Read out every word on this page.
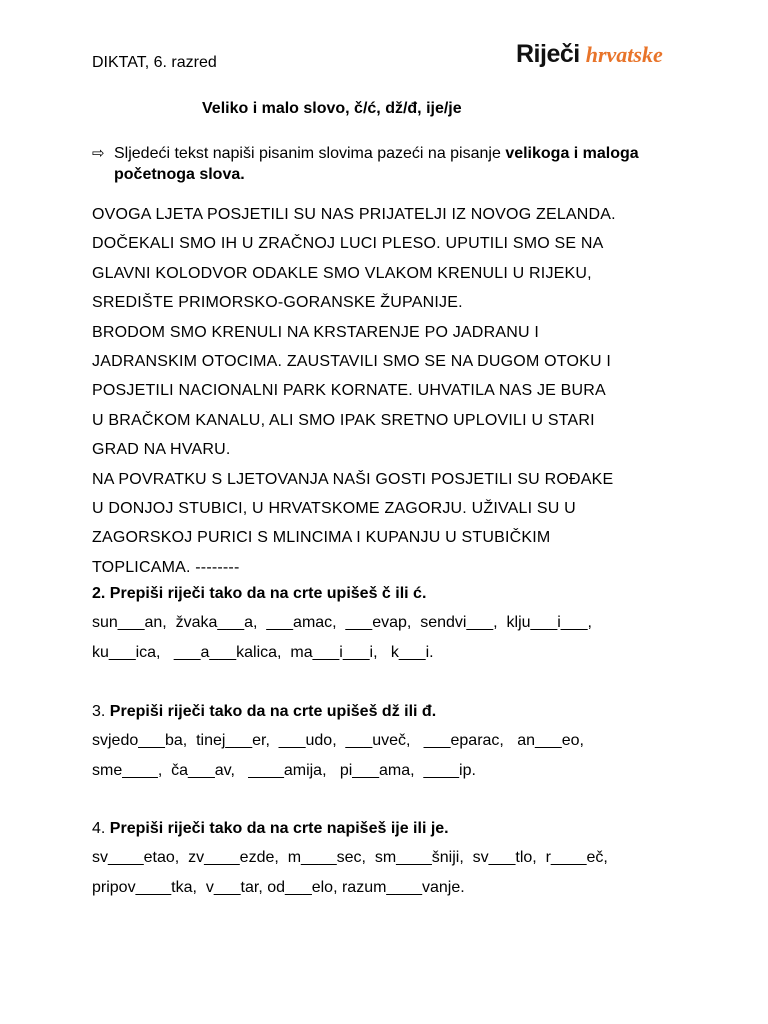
DIKTAT, 6. razred	Riječi hrvatske
Veliko i malo slovo, č/ć, dž/đ, ije/je
⇨ Sljedeći tekst napiši pisanim slovima pazeći na pisanje velikoga i maloga početnoga slova.
OVOGA LJETA POSJETILI SU NAS PRIJATELJI IZ NOVOG ZELANDA.
DOČEKALI SMO IH U ZRAČNOJ LUCI PLESO. UPUTILI SMO SE NA
GLAVNI KOLODVOR ODAKLE SMO VLAKOM KRENULI U RIJEKU,
SREDIŠTE PRIMORSKO-GORANSKE ŽUPANIJE.
BRODOM SMO KRENULI NA KRSTARENJE PO JADRANU I
JADRANSKIM OTOCIMA. ZAUSTAVILI SMO SE NA DUGOM OTOKU I
POSJETILI NACIONALNI PARK KORNATE. UHVATILA NAS JE BURA
U BRAČKOM KANALU, ALI SMO IPAK SRETNO UPLOVILI U STARI
GRAD NA HVARU.
NA POVRATKU S LJETOVANJA NAŠI GOSTI POSJETILI SU ROĐAKE
U DONJOJ STUBICI, U HRVATSKOME ZAGORJU. UŽIVALI SU U
ZAGORSKOJ PURICI S MLINCIMA I KUPANJU U STUBIČKIM
TOPLICAMA. --------
2. Prepiši riječi tako da na crte upišeš č ili ć.
sun___an,  žvaka___a,  ___amac,  ___evap,  sendvi___,  klju___i___,
ku___ica,   ___a___kalica,  ma___i___i,   k___i.
3. Prepiši riječi tako da na crte upišeš dž ili đ.
svjedo___ba,  tinej___er,  ___udo,  ___uveč,   ___eparac,   an___eo,
sme____,  ča___av,   ____amija,   pi___ama,  ____ip.
4. Prepiši riječi tako da na crte napišeš ije ili je.
sv____etao,  zv____ezde,  m____sec,  sm____šniji,  sv___tlo,  r____eč,
pripov____tka,  v___tar, od___elo, razum____vanje.
